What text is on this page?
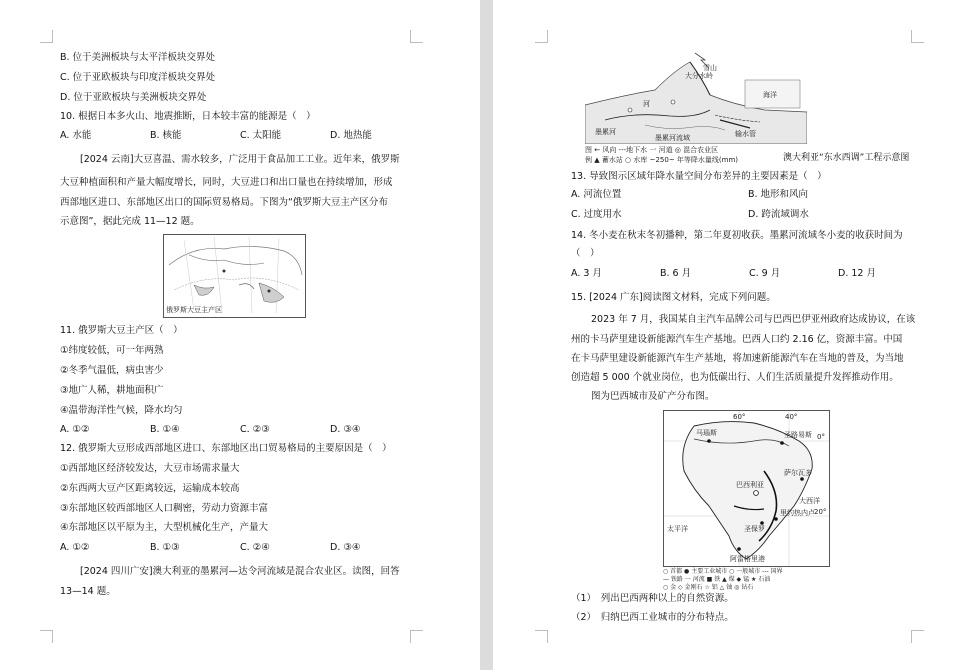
B. 位于美洲板块与太平洋板块交界处
C. 位于亚欧板块与印度洋板块交界处
D. 位于亚欧板块与美洲板块交界处
10. 根据日本多火山、地震推断，日本较丰富的能源是（　）
A. 水能	B. 核能	C. 太阳能	D. 地热能
[2024 云南]大豆喜温、需水较多，广泛用于食品加工工业。近年来，俄罗斯
大豆种植面积和产量大幅度增长，同时，大豆进口和出口量也在持续增加，形成
西部地区进口、东部地区出口的国际贸易格局。下图为“俄罗斯大豆主产区分布
示意图”，据此完成 11—12 题。
俄罗斯大豆主产区
11. 俄罗斯大豆主产区（　）
①纬度较低，可一年两熟
②冬季气温低，病虫害少
③地广人稀，耕地面积广
④温带海洋性气候，降水均匀
A. ①②	B. ①④	C. ②③	D. ③④
12. 俄罗斯大豆形成西部地区进口、东部地区出口贸易格局的主要原因是（　）
①西部地区经济较发达，大豆市场需求量大
②东西两大豆产区距离较远，运输成本较高
③东部地区较西部地区人口稠密，劳动力资源丰富
④东部地区以平原为主，大型机械化生产，产量大
A. ①②	B. ①③	C. ②④	D. ③④
[2024 四川广安]澳大利亚的墨累河—达令河流域是混合农业区。读图，回答
13—14 题。
大分水岭
雪山
海洋
河
输水管
墨累河
墨累河流域
图 ← 风向 ---地下水 一 河道 ◎ 混合农业区
例 ▲ 蓄水站 ○ 水库 ~250~ 年等降水量线(mm)	澳大利亚“东水西调”工程示意图
13. 导致图示区域年降水量空间分布差异的主要因素是（　）
A. 河流位置	B. 地形和风向
C. 过度用水	D. 跨流域调水
14. 冬小麦在秋末冬初播种，第二年夏初收获。墨累河流域冬小麦的收获时间为
（　）
A. 3 月	B. 6 月	C. 9 月	D. 12 月
15. [2024 广东]阅读图文材料，完成下列问题。
2023 年 7 月，我国某自主汽车品牌公司与巴西巴伊亚州政府达成协议，在该
州的卡马萨里建设新能源汽车生产基地。巴西人口约 2.16 亿，资源丰富。中国
在卡马萨里建设新能源汽车生产基地，将加速新能源汽车在当地的普及，为当地
创造超 5 000 个就业岗位，也为低碳出行、人们生活质量提升发挥推动作用。
图为巴西城市及矿产分布图。
马瑙斯
巴西利亚
圣路易斯
萨尔瓦多
里约热内卢
圣保罗
阿雷格里港
大西洋
太平洋
40°
60°
0°
20°
○ 首都 ● 主要工业城市 ○ 一般城市 --- 国界
— 铁路 一 河流 ■ 铁 ▲ 煤 ◆ 锰 ★ 石油
○ 金 ◇ 金刚石 ☆ 铝 △ 铀 ◎ 钻石
（1）　列出巴西两种以上的自然资源。
（2）　归纳巴西工业城市的分布特点。
